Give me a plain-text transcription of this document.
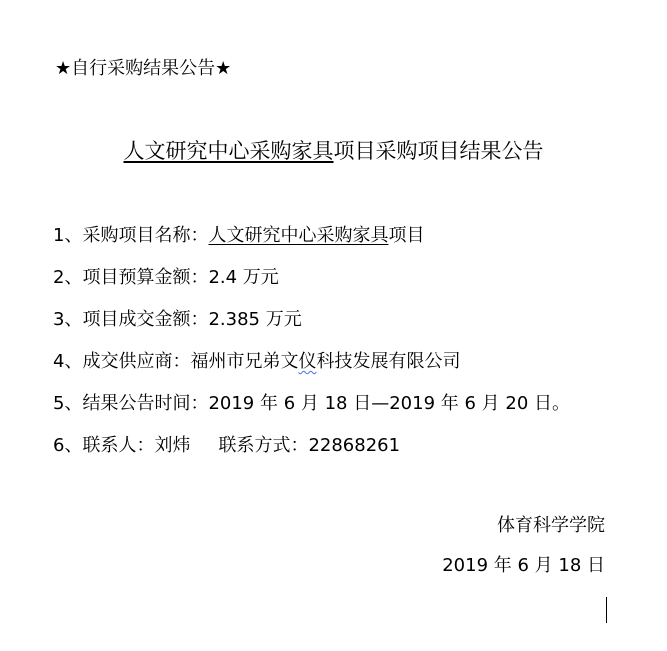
★自行采购结果公告★
人文研究中心采购家具项目采购项目结果公告
1、采购项目名称：人文研究中心采购家具项目
2、项目预算金额：2.4 万元
3、项目成交金额：2.385 万元
4、成交供应商：福州市兄弟文仪科技发展有限公司
5、结果公告时间：2019 年 6 月 18 日—2019 年 6 月 20 日。
6、联系人：刘炜 联系方式：22868261
体育科学学院
2019 年 6 月 18 日
